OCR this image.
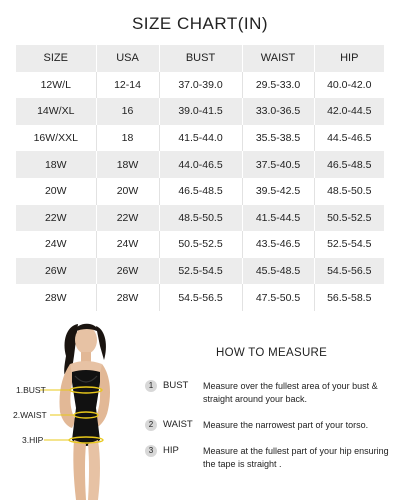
SIZE CHART(IN)
SIZE	USA	BUST	WAIST	HIP
12W/L	12-14	37.0-39.0	29.5-33.0	40.0-42.0
14W/XL	16	39.0-41.5	33.0-36.5	42.0-44.5
16W/XXL	18	41.5-44.0	35.5-38.5	44.5-46.5
18W	18W	44.0-46.5	37.5-40.5	46.5-48.5
20W	20W	46.5-48.5	39.5-42.5	48.5-50.5
22W	22W	48.5-50.5	41.5-44.5	50.5-52.5
24W	24W	50.5-52.5	43.5-46.5	52.5-54.5
26W	26W	52.5-54.5	45.5-48.5	54.5-56.5
28W	28W	54.5-56.5	47.5-50.5	56.5-58.5
1.BUST
2.WAIST
3.HIP
HOW TO MEASURE
1	BUST Measure over the fullest area of your bust & straight around your back.
2	WAIST Measure the narrowest part of your torso.
3	HIP	Measure at the fullest part of your hip ensuring the tape is straight .
